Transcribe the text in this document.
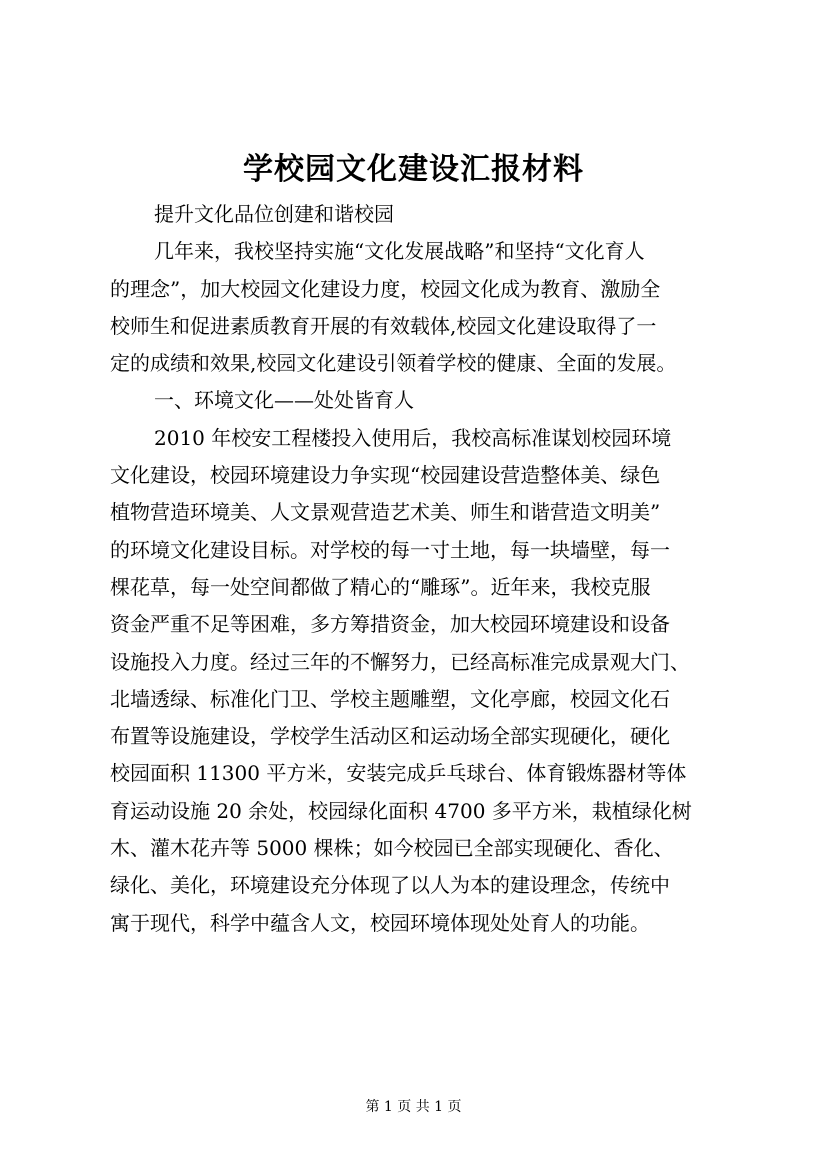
学校园文化建设汇报材料
提升文化品位创建和谐校园
几年来，我校坚持实施“文化发展战略”和坚持“文化育人
的理念”，加大校园文化建设力度，校园文化成为教育、激励全
校师生和促进素质教育开展的有效载体,校园文化建设取得了一
定的成绩和效果,校园文化建设引领着学校的健康、全面的发展。
一、环境文化——处处皆育人
2010 年校安工程楼投入使用后，我校高标准谋划校园环境
文化建设，校园环境建设力争实现“校园建设营造整体美、绿色
植物营造环境美、人文景观营造艺术美、师生和谐营造文明美”
的环境文化建设目标。对学校的每一寸土地，每一块墙壁，每一
棵花草，每一处空间都做了精心的“雕琢”。近年来，我校克服
资金严重不足等困难，多方筹措资金，加大校园环境建设和设备
设施投入力度。经过三年的不懈努力，已经高标准完成景观大门、
北墙透绿、标准化门卫、学校主题雕塑，文化亭廊，校园文化石
布置等设施建设，学校学生活动区和运动场全部实现硬化，硬化
校园面积 11300 平方米，安装完成乒乓球台、体育锻炼器材等体
育运动设施 20 余处，校园绿化面积 4700 多平方米，栽植绿化树
木、灌木花卉等 5000 棵株；如今校园已全部实现硬化、香化、
绿化、美化，环境建设充分体现了以人为本的建设理念，传统中
寓于现代，科学中蕴含人文，校园环境体现处处育人的功能。
第 1 页 共 1 页
